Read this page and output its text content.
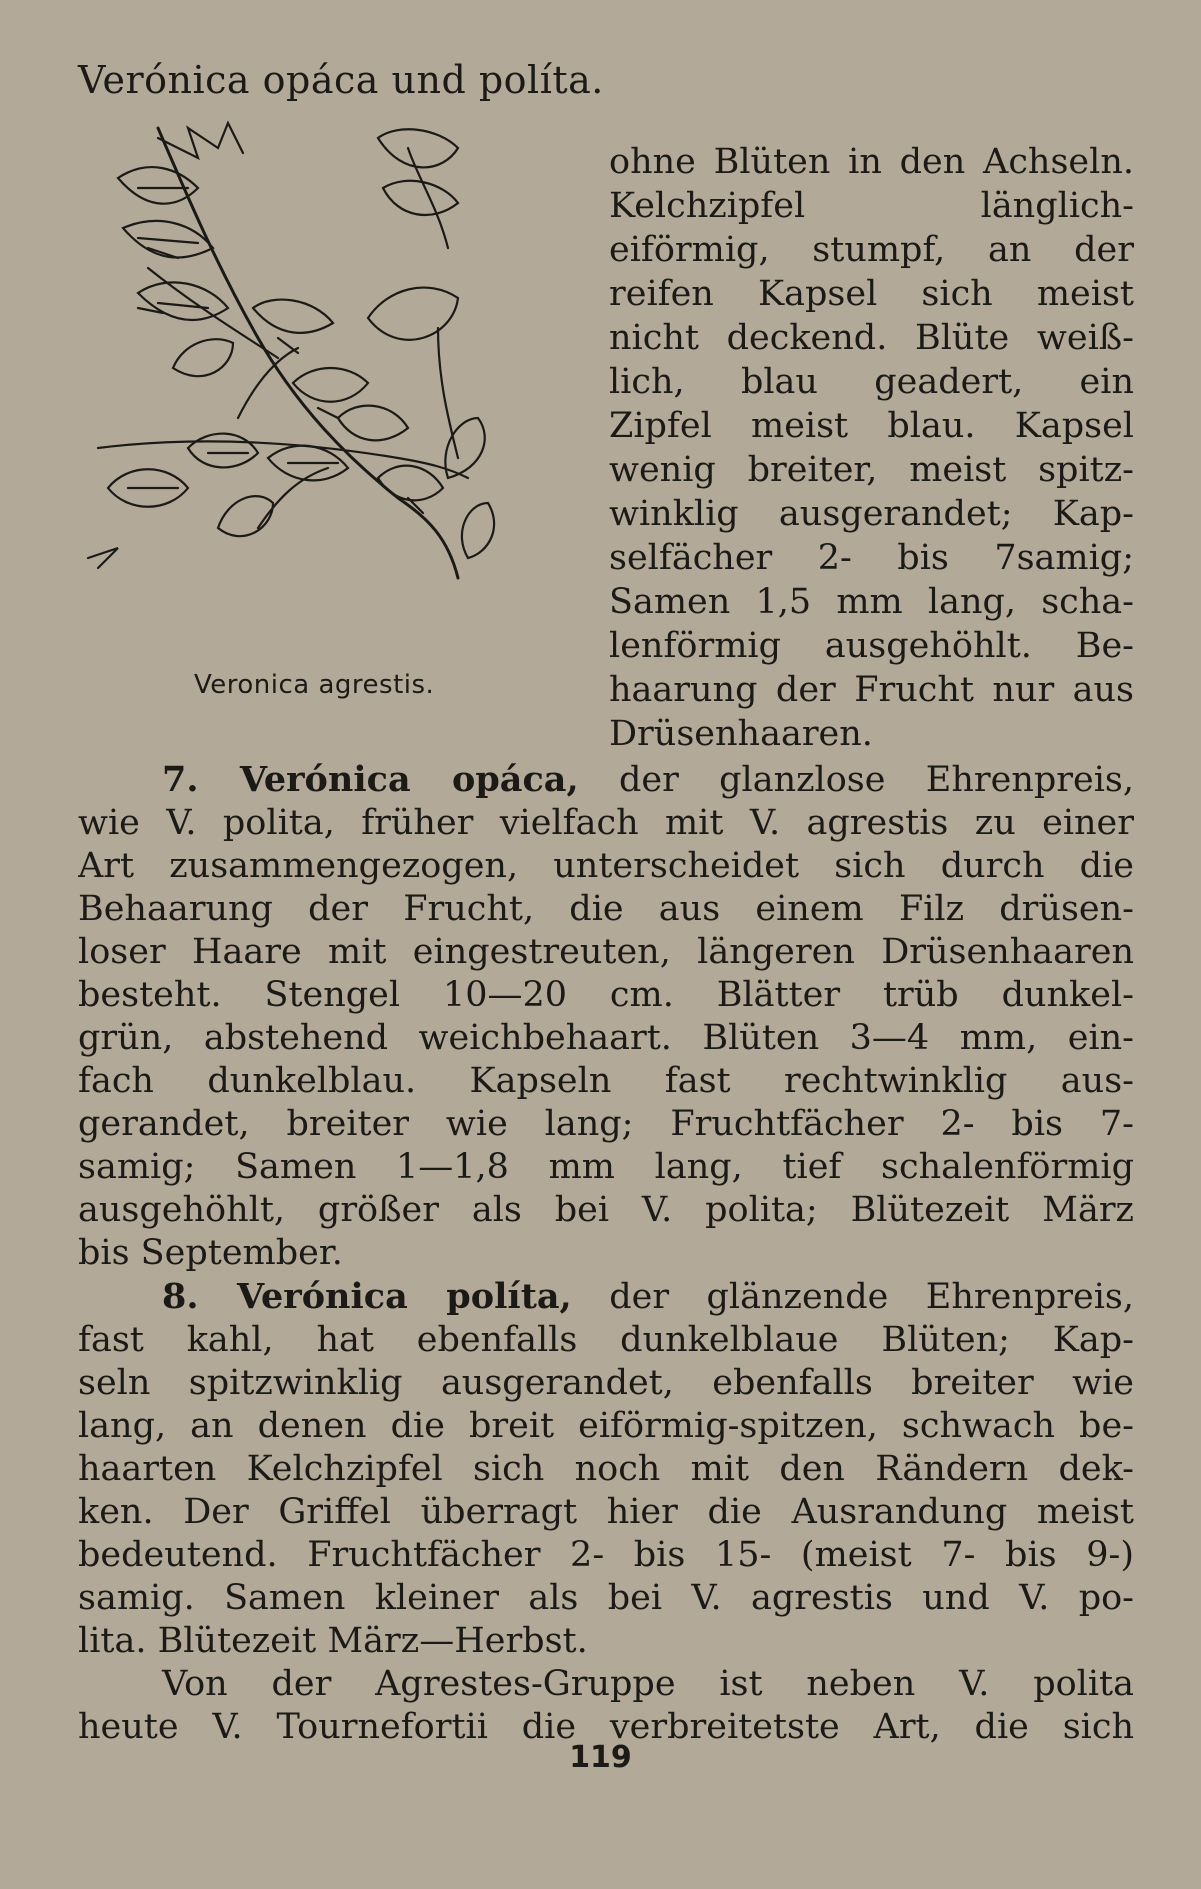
Verónica opáca und políta.
Veronica agrestis.
ohne Blüten in den Achseln.
Kelchzipfel länglich-
eiförmig, stumpf, an der
reifen Kapsel sich meist
nicht deckend. Blüte weiß-
lich, blau geadert, ein
Zipfel meist blau. Kapsel
wenig breiter, meist spitz-
winklig ausgerandet; Kap-
selfächer 2- bis 7samig;
Samen 1,5 mm lang, scha-
lenförmig ausgehöhlt. Be-
haarung der Frucht nur aus
Drüsenhaaren.
7. Verónica opáca, der glanzlose Ehrenpreis,
wie V. polita, früher vielfach mit V. agrestis zu einer
Art zusammengezogen, unterscheidet sich durch die
Behaarung der Frucht, die aus einem Filz drüsen-
loser Haare mit eingestreuten, längeren Drüsenhaaren
besteht. Stengel 10—20 cm. Blätter trüb dunkel-
grün, abstehend weichbehaart. Blüten 3—4 mm, ein-
fach dunkelblau. Kapseln fast rechtwinklig aus-
gerandet, breiter wie lang; Fruchtfächer 2- bis 7-
samig; Samen 1—1,8 mm lang, tief schalenförmig
ausgehöhlt, größer als bei V. polita; Blütezeit März
bis September.
8. Verónica políta, der glänzende Ehrenpreis,
fast kahl, hat ebenfalls dunkelblaue Blüten; Kap-
seln spitzwinklig ausgerandet, ebenfalls breiter wie
lang, an denen die breit eiförmig-spitzen, schwach be-
haarten Kelchzipfel sich noch mit den Rändern dek-
ken. Der Griffel überragt hier die Ausrandung meist
bedeutend. Fruchtfächer 2- bis 15- (meist 7- bis 9-)
samig. Samen kleiner als bei V. agrestis und V. po-
lita. Blütezeit März—Herbst.
Von der Agrestes-Gruppe ist neben V. polita
heute V. Tournefortii die verbreitetste Art, die sich
119
